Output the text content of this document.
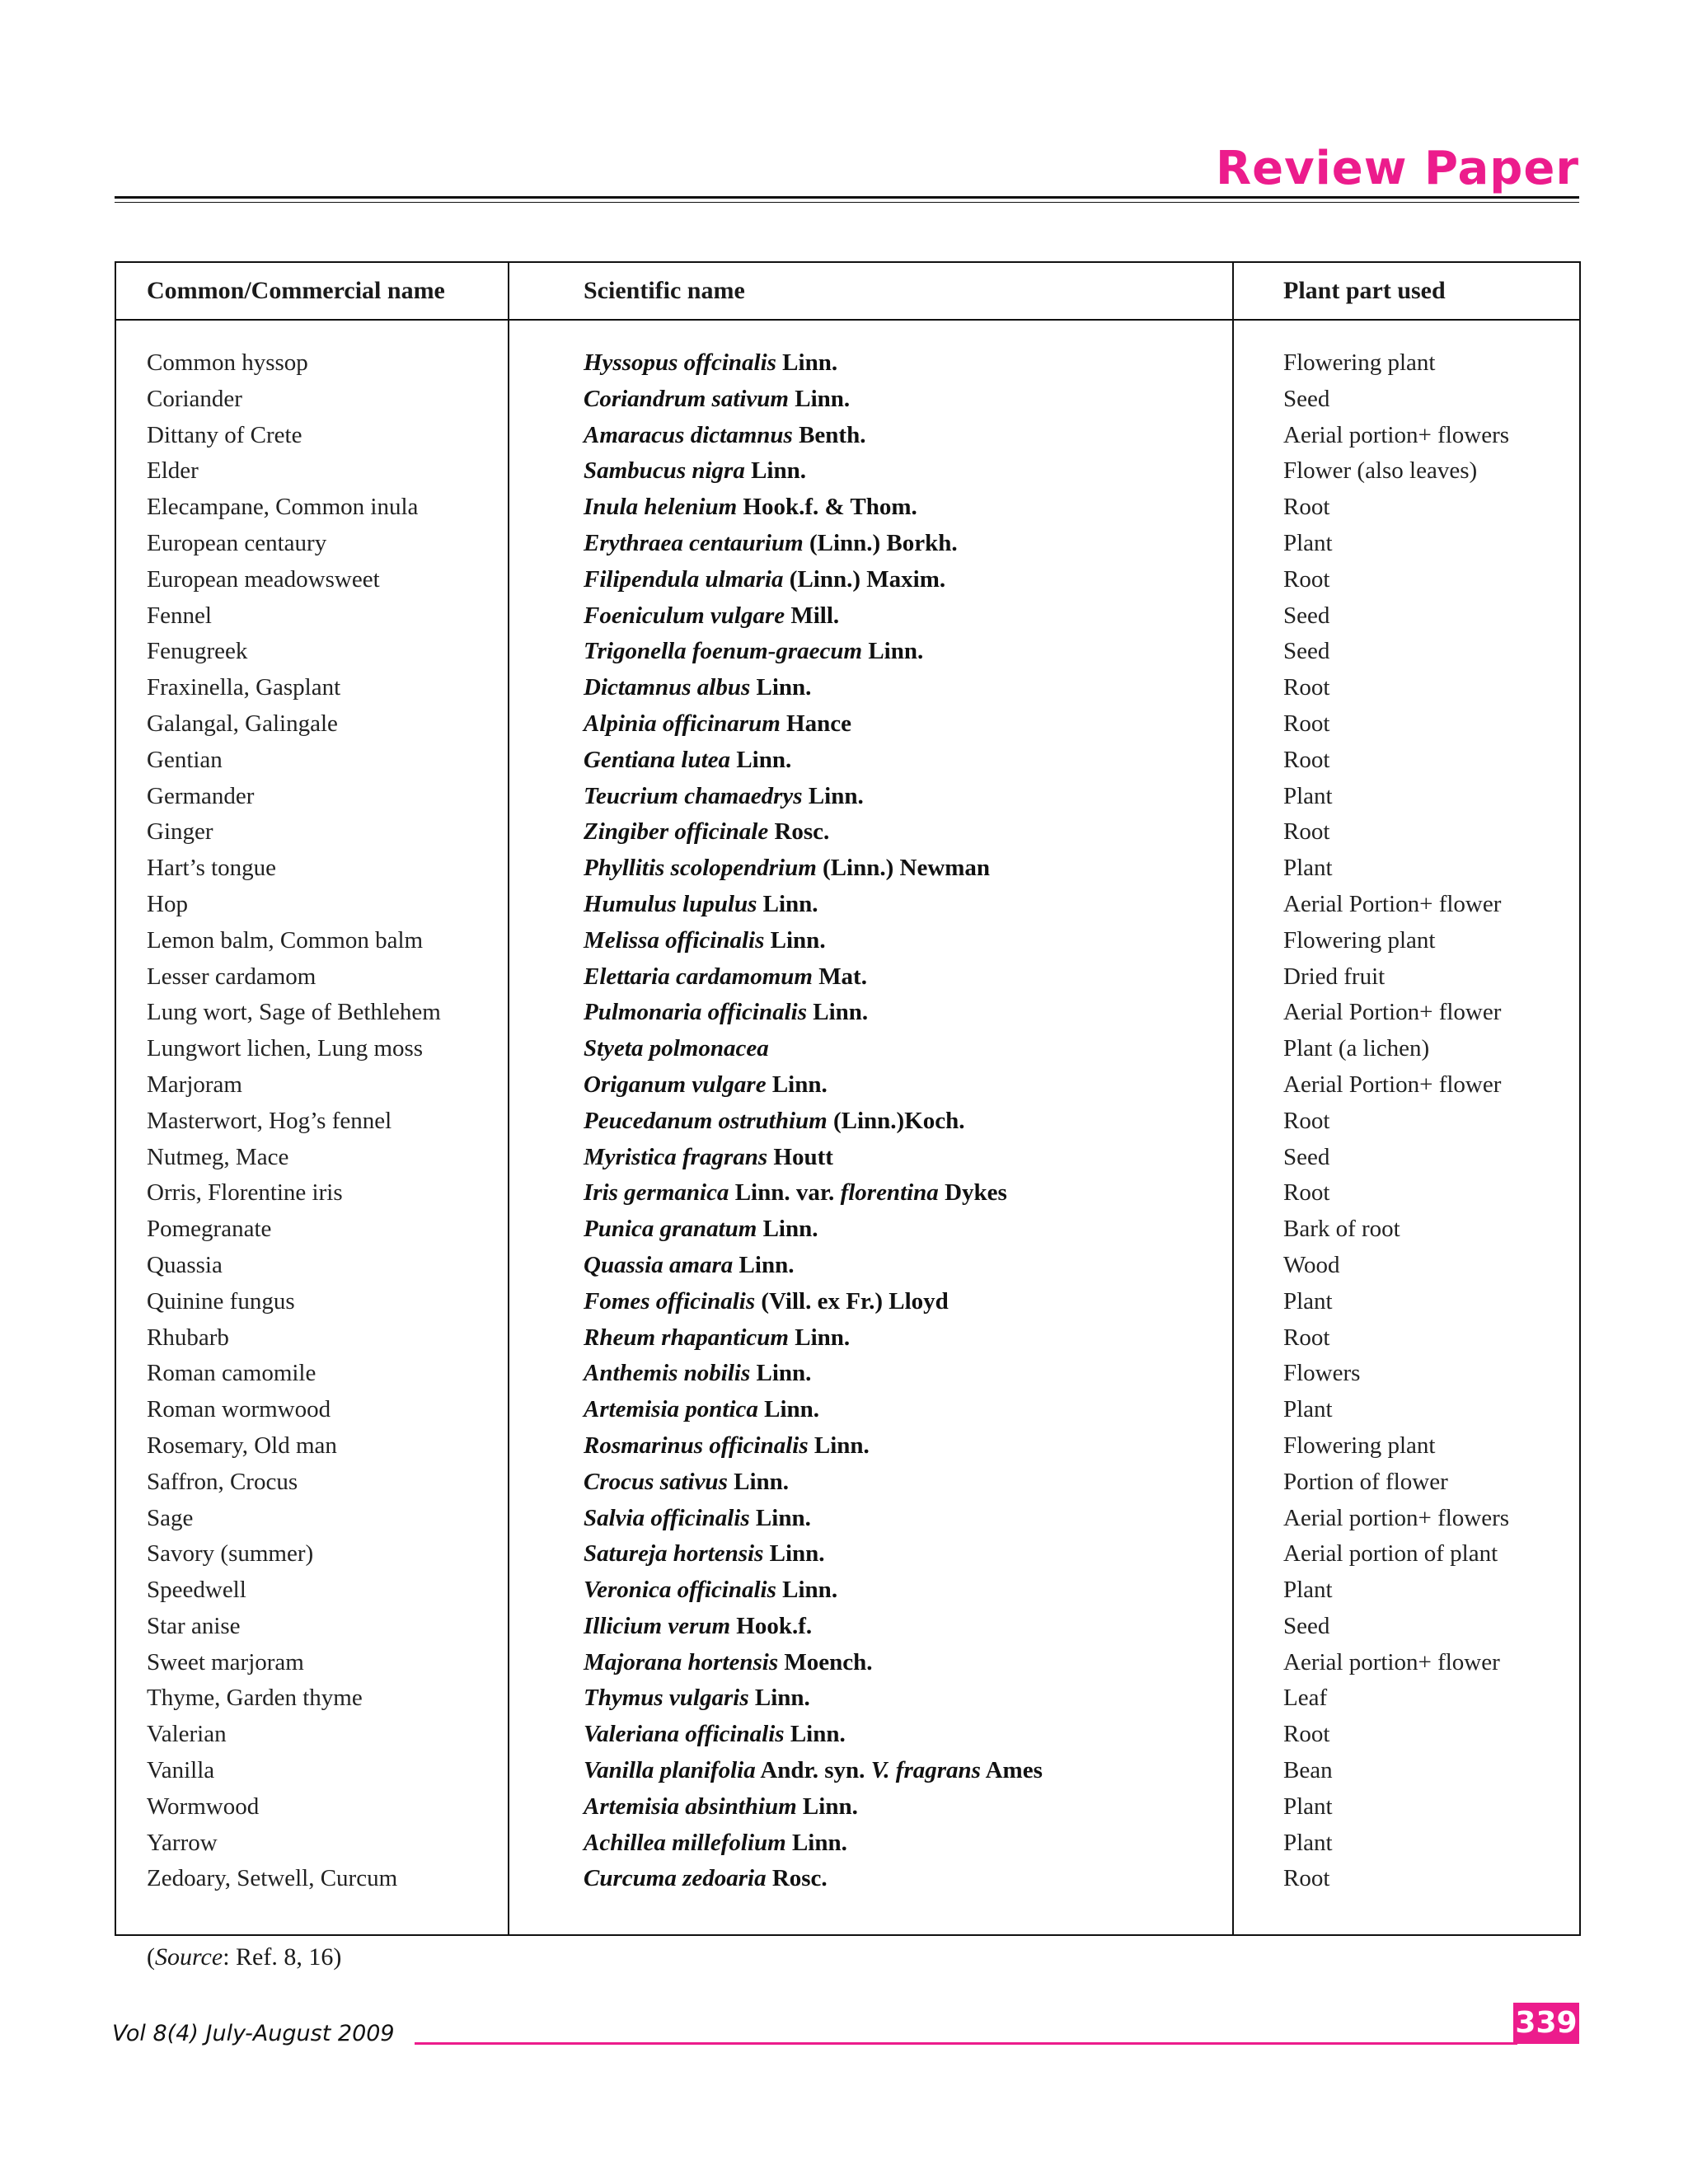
Review Paper
Common/Commercial name	Scientific name	Plant part used
Common hyssop	Hyssopus offcinalis Linn.	Flowering plant
Coriander	Coriandrum sativum Linn.	Seed
Dittany of Crete	Amaracus dictamnus Benth.	Aerial portion+ flowers
Elder	Sambucus nigra Linn.	Flower (also leaves)
Elecampane, Common inula	Inula helenium Hook.f. & Thom.	Root
European centaury	Erythraea centaurium (Linn.) Borkh.	Plant
European meadowsweet	Filipendula ulmaria (Linn.) Maxim.	Root
Fennel	Foeniculum vulgare Mill.	Seed
Fenugreek	Trigonella foenum-graecum Linn.	Seed
Fraxinella, Gasplant	Dictamnus albus Linn.	Root
Galangal, Galingale	Alpinia officinarum Hance	Root
Gentian	Gentiana lutea Linn.	Root
Germander	Teucrium chamaedrys Linn.	Plant
Ginger	Zingiber officinale Rosc.	Root
Hart’s tongue	Phyllitis scolopendrium (Linn.) Newman	Plant
Hop	Humulus lupulus Linn.	Aerial Portion+ flower
Lemon balm, Common balm	Melissa officinalis Linn.	Flowering plant
Lesser cardamom	Elettaria cardamomum Mat.	Dried fruit
Lung wort, Sage of Bethlehem	Pulmonaria officinalis Linn.	Aerial Portion+ flower
Lungwort lichen, Lung moss	Styeta polmonacea	Plant (a lichen)
Marjoram	Origanum vulgare Linn.	Aerial Portion+ flower
Masterwort, Hog’s fennel	Peucedanum ostruthium (Linn.)Koch.	Root
Nutmeg, Mace	Myristica fragrans Houtt	Seed
Orris, Florentine iris	Iris germanica Linn. var. florentina Dykes	Root
Pomegranate	Punica granatum Linn.	Bark of root
Quassia	Quassia amara Linn.	Wood
Quinine fungus	Fomes officinalis (Vill. ex Fr.) Lloyd	Plant
Rhubarb	Rheum rhapanticum Linn.	Root
Roman camomile	Anthemis nobilis Linn.	Flowers
Roman wormwood	Artemisia pontica Linn.	Plant
Rosemary, Old man	Rosmarinus officinalis Linn.	Flowering plant
Saffron, Crocus	Crocus sativus Linn.	Portion of flower
Sage	Salvia officinalis Linn.	Aerial portion+ flowers
Savory (summer)	Satureja hortensis Linn.	Aerial portion of plant
Speedwell	Veronica officinalis Linn.	Plant
Star anise	Illicium verum Hook.f.	Seed
Sweet marjoram	Majorana hortensis Moench.	Aerial portion+ flower
Thyme, Garden thyme	Thymus vulgaris Linn.	Leaf
Valerian	Valeriana officinalis Linn.	Root
Vanilla	Vanilla planifolia Andr. syn. V. fragrans Ames	Bean
Wormwood	Artemisia absinthium Linn.	Plant
Yarrow	Achillea millefolium Linn.	Plant
Zedoary, Setwell, Curcum	Curcuma zedoaria Rosc.	Root
(Source: Ref. 8, 16)
Vol 8(4) July-August 2009	339
